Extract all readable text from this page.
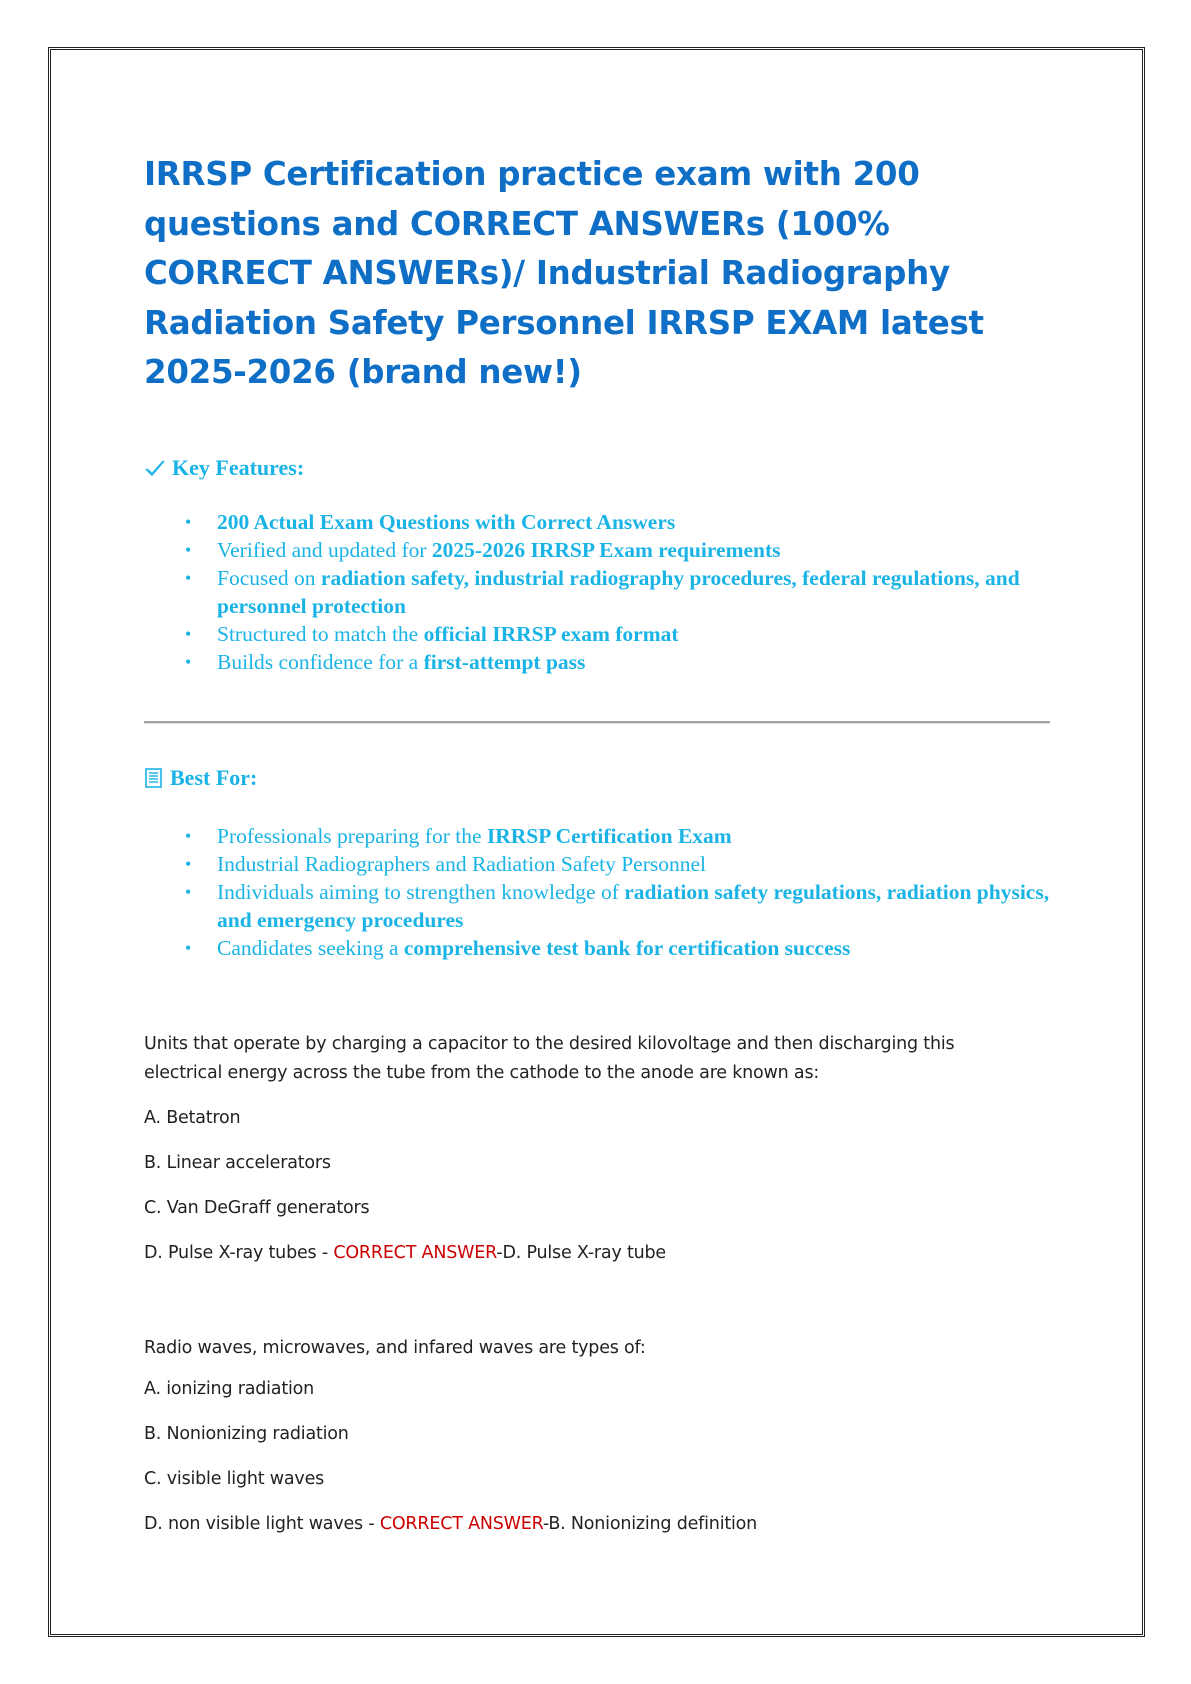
IRRSP Certification practice exam with 200 questions and CORRECT ANSWERs (100% CORRECT ANSWERs)/ Industrial Radiography Radiation Safety Personnel IRRSP EXAM latest 2025-2026 (brand new!)
Key Features:
• 200 Actual Exam Questions with Correct Answers
• Verified and updated for 2025-2026 IRRSP Exam requirements
• Focused on radiation safety, industrial radiography procedures, federal regulations, and personnel protection
• Structured to match the official IRRSP exam format
• Builds confidence for a first-attempt pass
Best For:
• Professionals preparing for the IRRSP Certification Exam
• Industrial Radiographers and Radiation Safety Personnel
• Individuals aiming to strengthen knowledge of radiation safety regulations, radiation physics, and emergency procedures
• Candidates seeking a comprehensive test bank for certification success

Units that operate by charging a capacitor to the desired kilovoltage and then discharging this electrical energy across the tube from the cathode to the anode are known as:

A. Betatron

B. Linear accelerators

C. Van DeGraff generators

D. Pulse X-ray tubes - CORRECT ANSWER-D. Pulse X-ray tube

Radio waves, microwaves, and infared waves are types of:

A. ionizing radiation

B. Nonionizing radiation

C. visible light waves

D. non visible light waves - CORRECT ANSWER-B. Nonionizing definition
